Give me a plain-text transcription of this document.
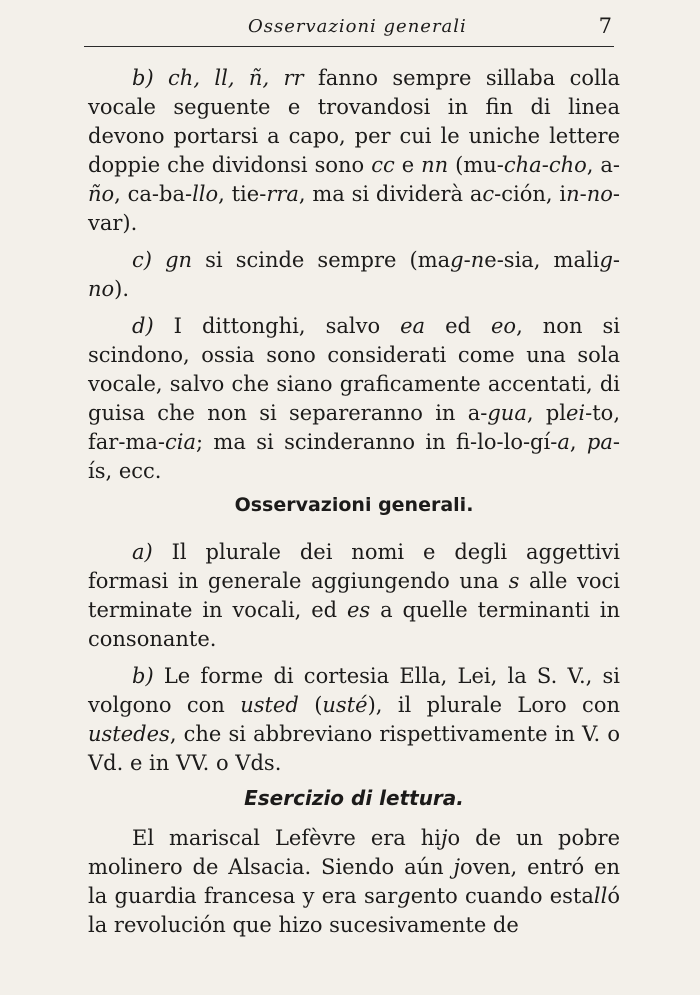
Osservazioni generali	7

b) ch, ll, ñ, rr fanno sempre sillaba colla vocale seguente e trovandosi in fin di linea devono portarsi a capo, per cui le uniche lettere doppie che dividonsi sono cc e nn (mu-cha-cho, a-ño, ca-ba-llo, tie-rra, ma si dividerà ac-ción, in-no-var).

c) gn si scinde sempre (mag-ne-sia, malig-no).

d) I dittonghi, salvo ea ed eo, non si scindono, ossia sono considerati come una sola vocale, salvo che siano graficamente accentati, di guisa che non si separeranno in a-gua, plei-to, far-ma-cia; ma si scinderanno in fi-lo-lo-gí-a, pa-ís, ecc.

Osservazioni generali.

a) Il plurale dei nomi e degli aggettivi formasi in generale aggiungendo una s alle voci terminate in vocali, ed es a quelle terminanti in consonante.

b) Le forme di cortesia Ella, Lei, la S. V., si volgono con usted (usté), il plurale Loro con ustedes, che si abbreviano rispettivamente in V. o Vd. e in VV. o Vds.

Esercizio di lettura.

El mariscal Lefèvre era hijo de un pobre molinero de Alsacia. Siendo aún joven, entró en la guardia francesa y era sargento cuando estalló la revolución que hizo sucesivamente de
